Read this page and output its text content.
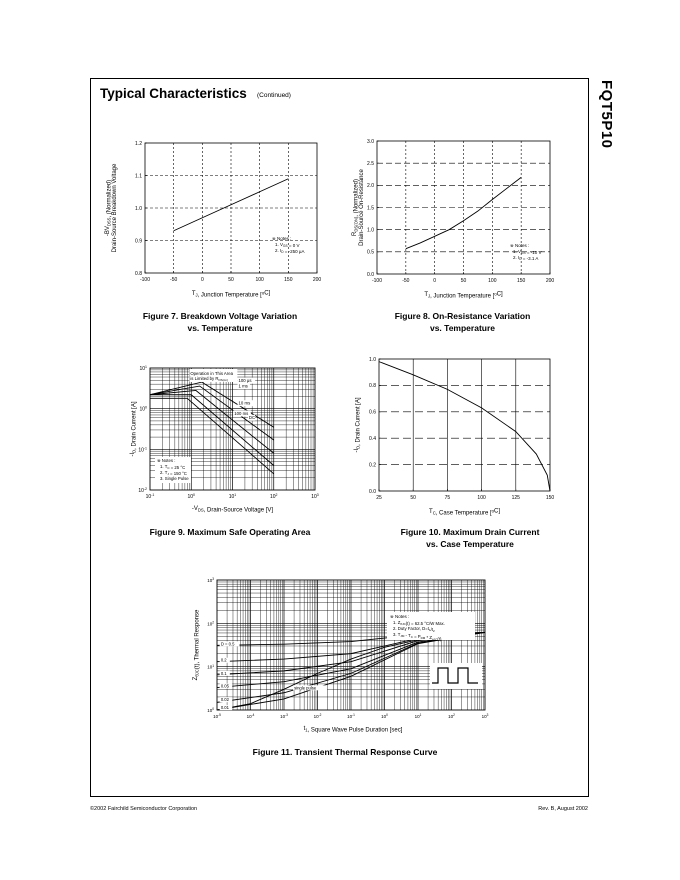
FQT5P10
Typical Characteristics (Continued)
-100	-50	0	50	100	150	200
0.8
0.9
1.0
1.1
1.2
$T_J$, Junction Temperature [$^o$C]
$-BV_{DSS}$, (Normalized) Drain-Source Breakdown Voltage	※ Notes :
1. $V_{GS} = 0$ V
2. $I_D = -250$ μA
Figure 7. Breakdown Voltage Variation
vs. Temperature
-100	-50	0	50	100	150	200
0.0
0.5
1.0
1.5
2.0
2.5
3.0
$T_J$, Junction Temperature [$^o$C]
$R_{DS(ON)}$, (Normalized) Drain-Source On-Resistance	※ Notes :
1. $V_{GS} = -10$ V
2. $I_D = -3.1$ A
Figure 8. On-Resistance Variation
vs. Temperature
$10^{-1}$	$10^0$	$10^1$	$10^2$	$10^3$
$10^{-2}$
$10^{-1}$
$10^0$
$10^1$
Operation in This Area
is Limited by $R_{DS(on)}$ 100 μs
1 ms
10 ms
100 ms
DC
※ Notes :
1. $T_C = 25$ °C
2. $T_J = 150$ °C
3. Single Pulse
$-V_{DS}$, Drain-Source Voltage [V]
$-I_D$, Drain Current [A]
Figure 9. Maximum Safe Operating Area
25	50	75	100	125	150
0.0
0.2
0.4
0.6
0.8
1.0
$T_C$, Case Temperature [$^o$C]
$-I_D$, Drain Current [A]
Figure 10. Maximum Drain Current
vs. Case Temperature
$10^{-5}$	$10^{-4}$	$10^{-3}$	$10^{-2}$	$10^{-1}$	$10^0$	$10^1$	$10^2$	$10^3$
$10^0$
$10^1$
$10^2$
$10^3$
D = 0.5
0.2
0.1
0.05
0.02
0.01
single pulse
※ Notes :
1. $Z_{\theta JC}(t) = 62.5$ °C/W Max.
2. Duty Factor, $D=t_1/t_2$
3. $T_{JM} - T_C = P_{DM} * Z_{\theta JC}(t)$
$t_1$, Square Wave Pulse Duration [sec]
$Z_{\theta JC}(t)$, Thermal Response
Figure 11. Transient Thermal Response Curve
©2002 Fairchild Semiconductor Corporation	Rev. B, August 2002
